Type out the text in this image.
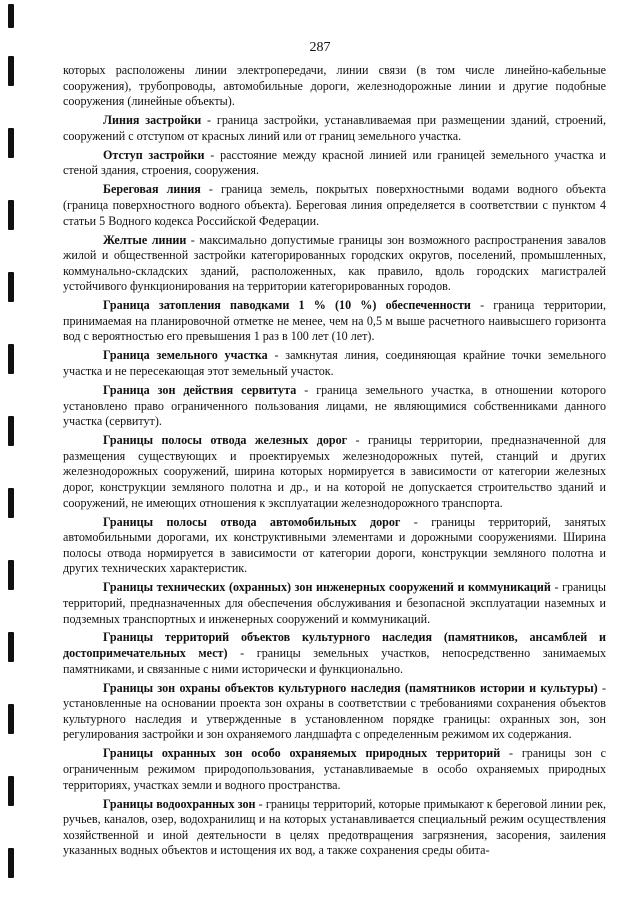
287

которых расположены линии электропередачи, линии связи (в том числе линейно-кабельные сооружения), трубопроводы, автомобильные дороги, железнодорожные линии и другие подобные сооружения (линейные объекты).

Линия застройки - граница застройки, устанавливаемая при размещении зданий, строений, сооружений с отступом от красных линий или от границ земельного участка.

Отступ застройки - расстояние между красной линией или границей земельного участка и стеной здания, строения, сооружения.

Береговая линия - граница земель, покрытых поверхностными водами водного объекта (граница поверхностного водного объекта). Береговая линия определяется в соответствии с пунктом 4 статьи 5 Водного кодекса Российской Федерации.

Желтые линии - максимально допустимые границы зон возможного распространения завалов жилой и общественной застройки категорированных городских округов, поселений, промышленных, коммунально-складских зданий, расположенных, как правило, вдоль городских магистралей устойчивого функционирования на территории категорированных городов.

Граница затопления паводками 1 % (10 %) обеспеченности - граница территории, принимаемая на планировочной отметке не менее, чем на 0,5 м выше расчетного наивысшего горизонта вод с вероятностью его превышения 1 раз в 100 лет (10 лет).

Граница земельного участка - замкнутая линия, соединяющая крайние точки земельного участка и не пересекающая этот земельный участок.

Граница зон действия сервитута - граница земельного участка, в отношении которого установлено право ограниченного пользования лицами, не являющимися собственниками данного участка (сервитут).

Границы полосы отвода железных дорог - границы территории, предназначенной для размещения существующих и проектируемых железнодорожных путей, станций и других железнодорожных сооружений, ширина которых нормируется в зависимости от категории железных дорог, конструкции земляного полотна и др., и на которой не допускается строительство зданий и сооружений, не имеющих отношения к эксплуатации железнодорожного транспорта.

Границы полосы отвода автомобильных дорог - границы территорий, занятых автомобильными дорогами, их конструктивными элементами и дорожными сооружениями. Ширина полосы отвода нормируется в зависимости от категории дороги, конструкции земляного полотна и других технических характеристик.

Границы технических (охранных) зон инженерных сооружений и коммуникаций - границы территорий, предназначенных для обеспечения обслуживания и безопасной эксплуатации наземных и подземных транспортных и инженерных сооружений и коммуникаций.

Границы территорий объектов культурного наследия (памятников, ансамблей и достопримечательных мест) - границы земельных участков, непосредственно занимаемых памятниками, и связанные с ними исторически и функционально.

Границы зон охраны объектов культурного наследия (памятников истории и культуры) - установленные на основании проекта зон охраны в соответствии с требованиями сохранения объектов культурного наследия и утвержденные в установленном порядке границы: охранных зон, зон регулирования застройки и зон охраняемого ландшафта с определенным режимом их содержания.

Границы охранных зон особо охраняемых природных территорий - границы зон с ограниченным режимом природопользования, устанавливаемые в особо охраняемых природных территориях, участках земли и водного пространства.

Границы водоохранных зон - границы территорий, которые примыкают к береговой линии рек, ручьев, каналов, озер, водохранилищ и на которых устанавливается специальный режим осуществления хозяйственной и иной деятельности в целях предотвращения загрязнения, засорения, заиления указанных водных объектов и истощения их вод, а также сохранения среды обита-
